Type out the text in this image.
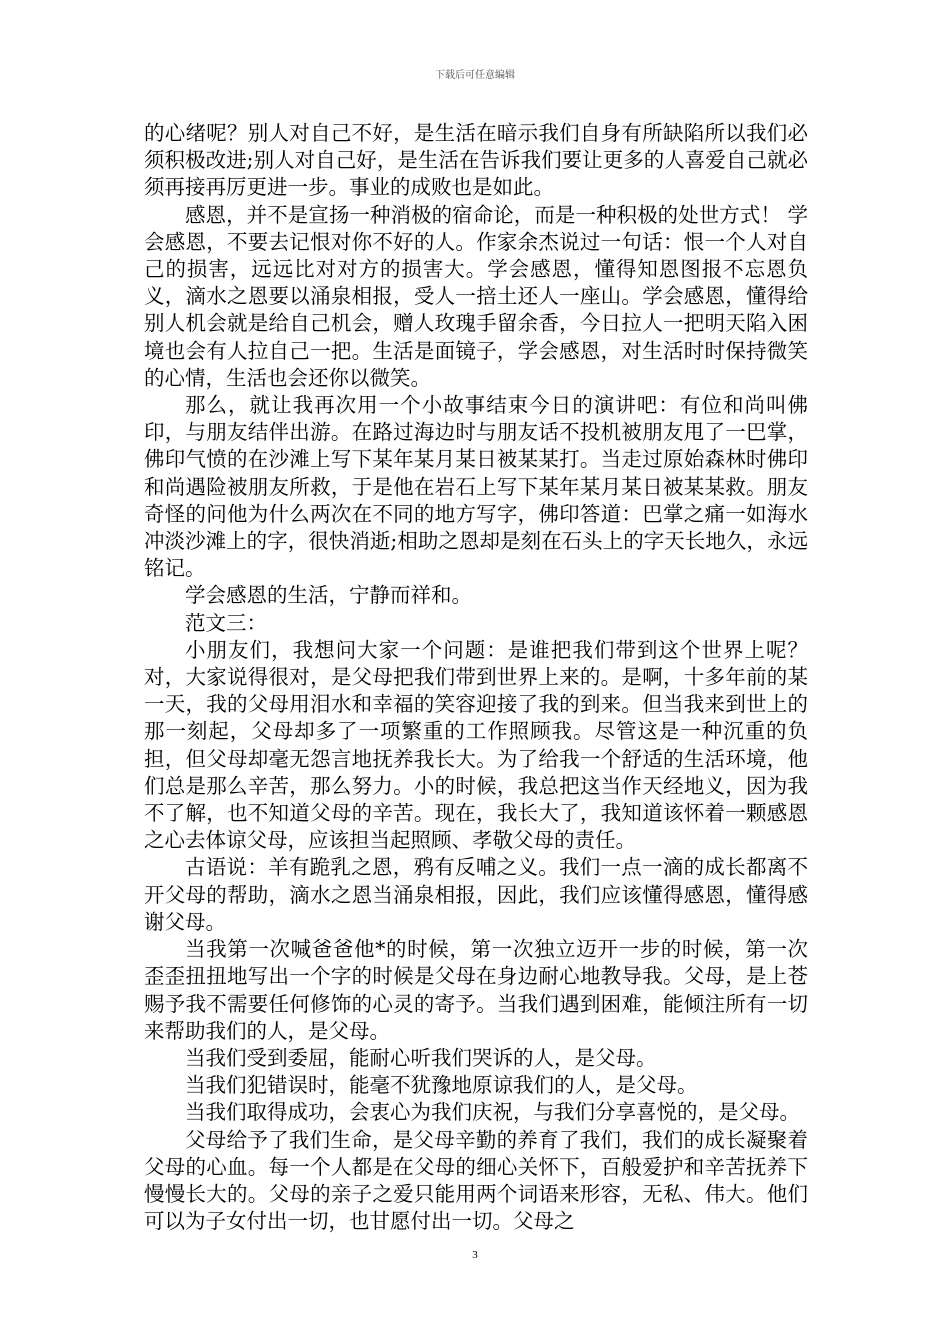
下载后可任意编辑

的心绪呢？别人对自己不好，是生活在暗示我们自身有所缺陷所以我们必须积极改进;别人对自己好，是生活在告诉我们要让更多的人喜爱自己就必须再接再厉更进一步。事业的成败也是如此。

感恩，并不是宣扬一种消极的宿命论，而是一种积极的处世方式！ 学会感恩，不要去记恨对你不好的人。作家余杰说过一句话：恨一个人对自己的损害，远远比对对方的损害大。学会感恩，懂得知恩图报不忘恩负义，滴水之恩要以涌泉相报，受人一掊土还人一座山。学会感恩，懂得给别人机会就是给自己机会，赠人玫瑰手留余香，今日拉人一把明天陷入困境也会有人拉自己一把。生活是面镜子，学会感恩，对生活时时保持微笑的心情，生活也会还你以微笑。

那么，就让我再次用一个小故事结束今日的演讲吧：有位和尚叫佛印，与朋友结伴出游。在路过海边时与朋友话不投机被朋友甩了一巴掌，佛印气愤的在沙滩上写下某年某月某日被某某打。当走过原始森林时佛印和尚遇险被朋友所救，于是他在岩石上写下某年某月某日被某某救。朋友奇怪的问他为什么两次在不同的地方写字，佛印答道：巴掌之痛一如海水冲淡沙滩上的字，很快消逝;相助之恩却是刻在石头上的字天长地久，永远铭记。

学会感恩的生活，宁静而祥和。

范文三：

小朋友们，我想问大家一个问题：是谁把我们带到这个世界上呢？对，大家说得很对，是父母把我们带到世界上来的。是啊，十多年前的某一天，我的父母用泪水和幸福的笑容迎接了我的到来。但当我来到世上的那一刻起，父母却多了一项繁重的工作照顾我。尽管这是一种沉重的负担，但父母却毫无怨言地抚养我长大。为了给我一个舒适的生活环境，他们总是那么辛苦，那么努力。小的时候，我总把这当作天经地义，因为我不了解，也不知道父母的辛苦。现在，我长大了，我知道该怀着一颗感恩之心去体谅父母，应该担当起照顾、孝敬父母的责任。

古语说：羊有跪乳之恩，鸦有反哺之义。我们一点一滴的成长都离不开父母的帮助，滴水之恩当涌泉相报，因此，我们应该懂得感恩，懂得感谢父母。

当我第一次喊爸爸他*的时候，第一次独立迈开一步的时候，第一次歪歪扭扭地写出一个字的时候是父母在身边耐心地教导我。父母，是上苍赐予我不需要任何修饰的心灵的寄予。当我们遇到困难，能倾注所有一切来帮助我们的人，是父母。

当我们受到委屈，能耐心听我们哭诉的人，是父母。

当我们犯错误时，能毫不犹豫地原谅我们的人，是父母。

当我们取得成功，会衷心为我们庆祝，与我们分享喜悦的，是父母。

父母给予了我们生命，是父母辛勤的养育了我们，我们的成长凝聚着父母的心血。每一个人都是在父母的细心关怀下，百般爱护和辛苦抚养下慢慢长大的。父母的亲子之爱只能用两个词语来形容，无私、伟大。他们可以为子女付出一切，也甘愿付出一切。父母之

3
